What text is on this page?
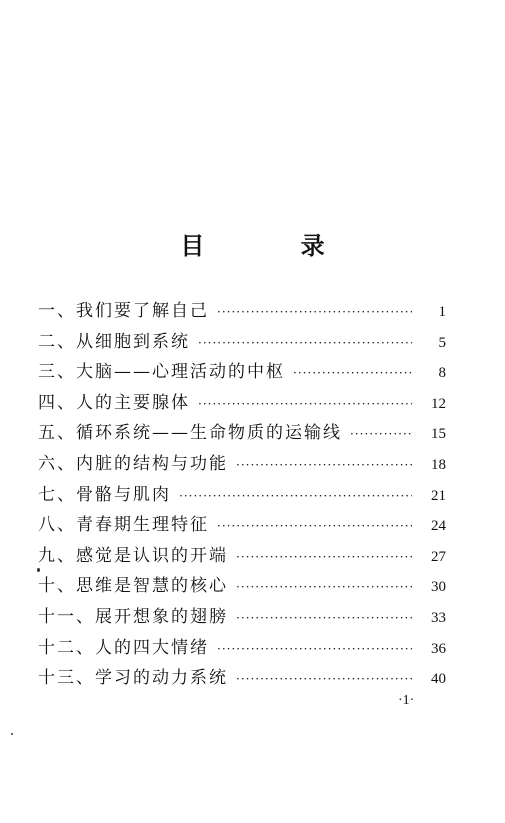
目 录
一、我们要了解自己 ·····	1
二、从细胞到系统 ·····	5
三、大脑——心理活动的中枢 ·····	8
四、人的主要腺体 ·····	12
五、循环系统——生命物质的运输线 ·····	15
六、内脏的结构与功能 ·····	18
七、骨骼与肌肉 ·····	21
八、青春期生理特征 ·····	24
九、感觉是认识的开端 ·····	27
十、思维是智慧的核心 ·····	30
十一、展开想象的翅膀 ·····	33
十二、人的四大情绪 ·····	36
十三、学习的动力系统 ·····	40
·1·
